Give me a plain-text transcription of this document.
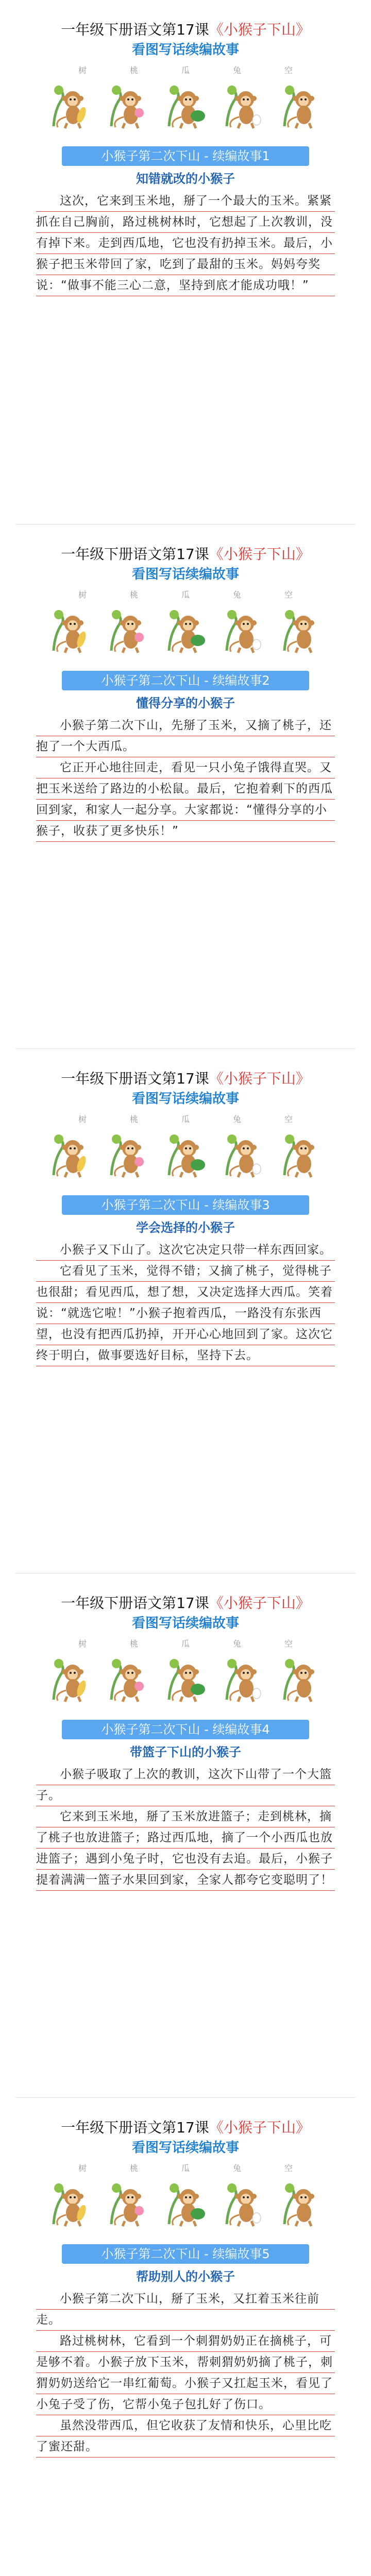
一年级下册语文第17课《小猴子下山》
看图写话续编故事
树	桃	瓜	兔	空
小猴子第二次下山 - 续编故事1
知错就改的小猴子

这次，它来到玉米地，掰了一个最大的玉米。紧紧抓在自己胸前，路过桃树林时，它想起了上次教训，没有掉下来。走到西瓜地，它也没有扔掉玉米。最后，小猴子把玉米带回了家，吃到了最甜的玉米。妈妈夸奖说：“做事不能三心二意，坚持到底才能成功哦！”

一年级下册语文第17课《小猴子下山》
看图写话续编故事
树	桃	瓜	兔	空
小猴子第二次下山 - 续编故事2
懂得分享的小猴子

小猴子第二次下山，先掰了玉米，又摘了桃子，还抱了一个大西瓜。

它正开心地往回走，看见一只小兔子饿得直哭。又把玉米送给了路边的小松鼠。最后，它抱着剩下的西瓜回到家，和家人一起分享。大家都说：“懂得分享的小猴子，收获了更多快乐！”

一年级下册语文第17课《小猴子下山》
看图写话续编故事
树	桃	瓜	兔	空
小猴子第二次下山 - 续编故事3
学会选择的小猴子

小猴子又下山了。这次它决定只带一样东西回家。

它看见了玉米，觉得不错；又摘了桃子，觉得桃子也很甜；看见西瓜，想了想，又决定选择大西瓜。笑着说：“就选它啦！”小猴子抱着西瓜，一路没有东张西望，也没有把西瓜扔掉，开开心心地回到了家。这次它终于明白，做事要选好目标，坚持下去。

一年级下册语文第17课《小猴子下山》
看图写话续编故事
树	桃	瓜	兔	空
小猴子第二次下山 - 续编故事4
带篮子下山的小猴子

小猴子吸取了上次的教训，这次下山带了一个大篮子。

它来到玉米地，掰了玉米放进篮子；走到桃林，摘了桃子也放进篮子；路过西瓜地，摘了一个小西瓜也放进篮子；遇到小兔子时，它也没有去追。最后，小猴子提着满满一篮子水果回到家，全家人都夸它变聪明了！

一年级下册语文第17课《小猴子下山》
看图写话续编故事
树	桃	瓜	兔	空
小猴子第二次下山 - 续编故事5
帮助别人的小猴子

小猴子第二次下山，掰了玉米，又扛着玉米往前走。

路过桃树林，它看到一个刺猬奶奶正在摘桃子，可是够不着。小猴子放下玉米，帮刺猬奶奶摘了桃子，刺猬奶奶送给它一串红葡萄。小猴子又扛起玉米，看见了小兔子受了伤，它帮小兔子包扎好了伤口。

虽然没带西瓜，但它收获了友情和快乐，心里比吃了蜜还甜。
